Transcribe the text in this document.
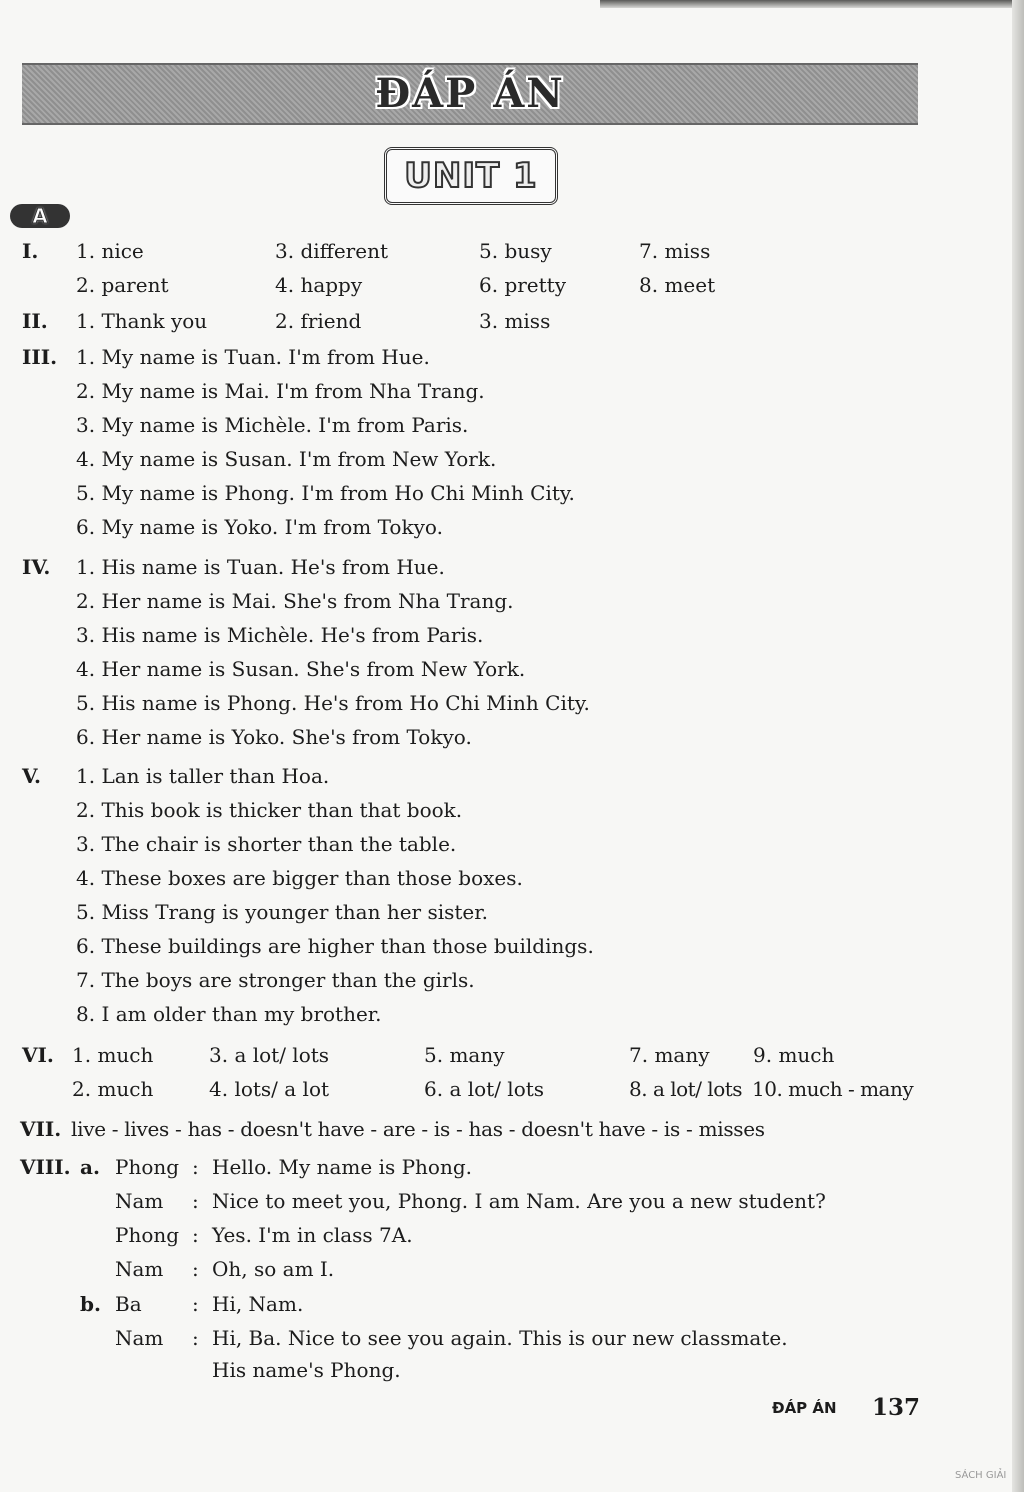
ĐÁP ÁN
UNIT 1
A
I. 1. nice	3. different	5. busy	7. miss
2. parent	4. happy	6. pretty	8. meet
II. 1. Thank you	2. friend	3. miss
III. 1. My name is Tuan. I'm from Hue.
2. My name is Mai. I'm from Nha Trang.
3. My name is Michèle. I'm from Paris.
4. My name is Susan. I'm from New York.
5. My name is Phong. I'm from Ho Chi Minh City.
6. My name is Yoko. I'm from Tokyo.
IV. 1. His name is Tuan. He's from Hue.
2. Her name is Mai. She's from Nha Trang.
3. His name is Michèle. He's from Paris.
4. Her name is Susan. She's from New York.
5. His name is Phong. He's from Ho Chi Minh City.
6. Her name is Yoko. She's from Tokyo.
V. 1. Lan is taller than Hoa.
2. This book is thicker than that book.
3. The chair is shorter than the table.
4. These boxes are bigger than those boxes.
5. Miss Trang is younger than her sister.
6. These buildings are higher than those buildings.
7. The boys are stronger than the girls.
8. I am older than my brother.
VI. 1. much	3. a lot/ lots	5. many	7. many 9. much
2. much	4. lots/ a lot	6. a lot/ lots	8. a lot/ lots 10. much - many
VII. live - lives - has - doesn't have - are - is - has - doesn't have - is - misses
VIII. a. Phong : Hello. My name is Phong.
Nam : Nice to meet you, Phong. I am Nam. Are you a new student?
Phong : Yes. I'm in class 7A.
Nam : Oh, so am I.
b. Ba	: Hi, Nam.
Nam : Hi, Ba. Nice to see you again. This is our new classmate.
His name's Phong.
ĐÁP ÁN 137
SÁCH GIẢI
